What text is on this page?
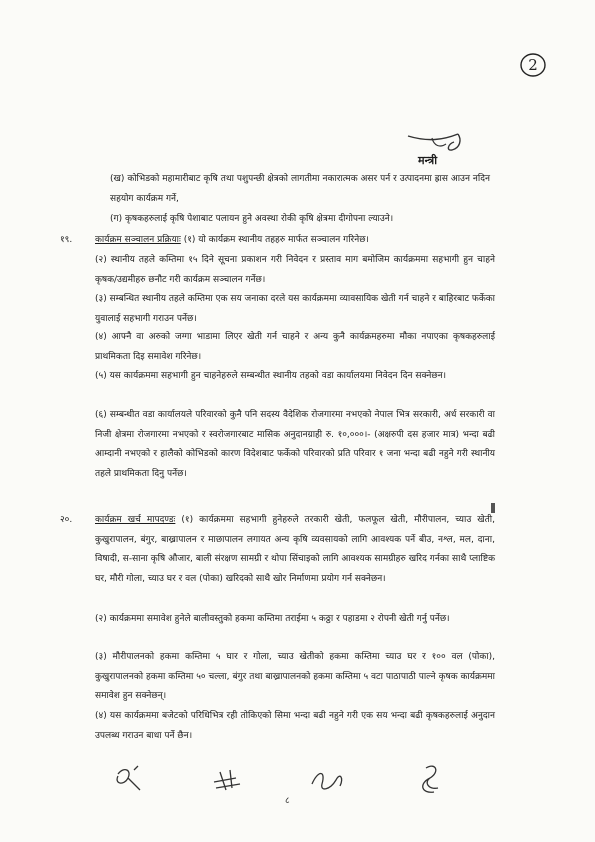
2
मन्त्री
(ख) कोभिडको महामारीबाट कृषि तथा पशुपन्छी क्षेत्रको लागतीमा नकारात्मक असर पर्न र उत्पादनमा ह्रास आउन नदिन सहयोग कार्यक्रम गर्ने,
(ग) कृषकहरुलाई कृषि पेशाबाट पलायन हुने अवस्था रोकी कृषि क्षेत्रमा दीगोपना ल्याउने।
१९.	कार्यक्रम सञ्चालन प्रक्रियाः (१) यो कार्यक्रम स्थानीय तहहरु मार्फत सञ्चालन गरिनेछ।
(२) स्थानीय तहले कम्तिमा १५ दिने सूचना प्रकाशन गरी निवेदन र प्रस्ताव माग बमोजिम कार्यक्रममा सहभागी हुन चाहने कृषक/उद्यमीहरु छनौट गरी कार्यक्रम सञ्चालन गर्नेछ।
(३) सम्बन्धित स्थानीय तहले कम्तिमा एक सय जनाका दरले यस कार्यक्रममा व्यावसायिक खेती गर्न चाहने र बाहिरबाट फर्केका युवालाई सहभागी गराउन पर्नेछ।
(४) आफ्नै वा अरुको जग्गा भाडामा लिएर खेती गर्न चाहने र अन्य कुनै कार्यक्रमहरुमा मौका नपाएका कृषकहरुलाई प्राथमिकता दिइ समावेश गरिनेछ।
(५) यस कार्यक्रममा सहभागी हुन चाहनेहरुले सम्बन्धीत स्थानीय तहको वडा कार्यालयमा निवेदन दिन सक्नेछन।
(६) सम्बन्धीत वडा कार्यालयले परिवारको कुनै पनि सदस्य वैदेशिक रोजगारमा नभएको नेपाल भित्र सरकारी, अर्ध सरकारी वा निजी क्षेत्रमा रोजगारमा नभएको र स्वरोजगारबाट मासिक अनुदानग्राही रु. १०,०००।- (अक्षरुपी दस हजार मात्र) भन्दा बढी आम्दानी नभएको र हालैको कोभिडको कारण विदेशबाट फर्केको परिवारको प्रति परिवार १ जना भन्दा बढी नहुने गरी स्थानीय तहले प्राथमिकता दिनु पर्नेछ।
२०.	कार्यक्रम खर्च मापदण्डः (१) कार्यक्रममा सहभागी हुनेहरुले तरकारी खेती, फलफूल खेती, मौरीपालन, च्याउ खेती, कुखुरापालन, बंगुर, बाख्रापालन र माछापालन लगायत अन्य कृषि व्यवसायको लागि आवश्यक पर्ने बीउ, नश्ल, मल, दाना, विषादी, स-साना कृषि औजार, बाली संरक्षण सामग्री र थोपा सिंचाइको लागि आवश्यक सामग्रीहरु खरिद गर्नका साथै प्लाष्टिक घर, मौरी गोला, च्याउ घर र वल (पोका) खरिदको साथै खोर निर्माणमा प्रयोग गर्न सक्नेछन।
(२) कार्यक्रममा समावेश हुनेले बालीवस्तुको हकमा कम्तिमा तराईमा ५ कठ्ठा र पहाडमा २ रोपनी खेती गर्नु पर्नेछ।
(३) मौरीपालनको हकमा कम्तिमा ५ घार र गोला, च्याउ खेतीको हकमा कम्तिमा च्याउ घर र १०० वल (पोका), कुखुरापालनको हकमा कम्तिमा ५० चल्ला, बंगुर तथा बाख्रापालनको हकमा कम्तिमा ५ वटा पाठापाठी पाल्ने कृषक कार्यक्रममा समावेश हुन सक्नेछन्।
(४) यस कार्यक्रममा बजेटको परिधिभित्र रही तोकिएको सिमा भन्दा बढी नहुने गरी एक सय भन्दा बढी कृषकहरुलाई अनुदान उपलब्ध गराउन बाधा पर्ने छैन।
८
